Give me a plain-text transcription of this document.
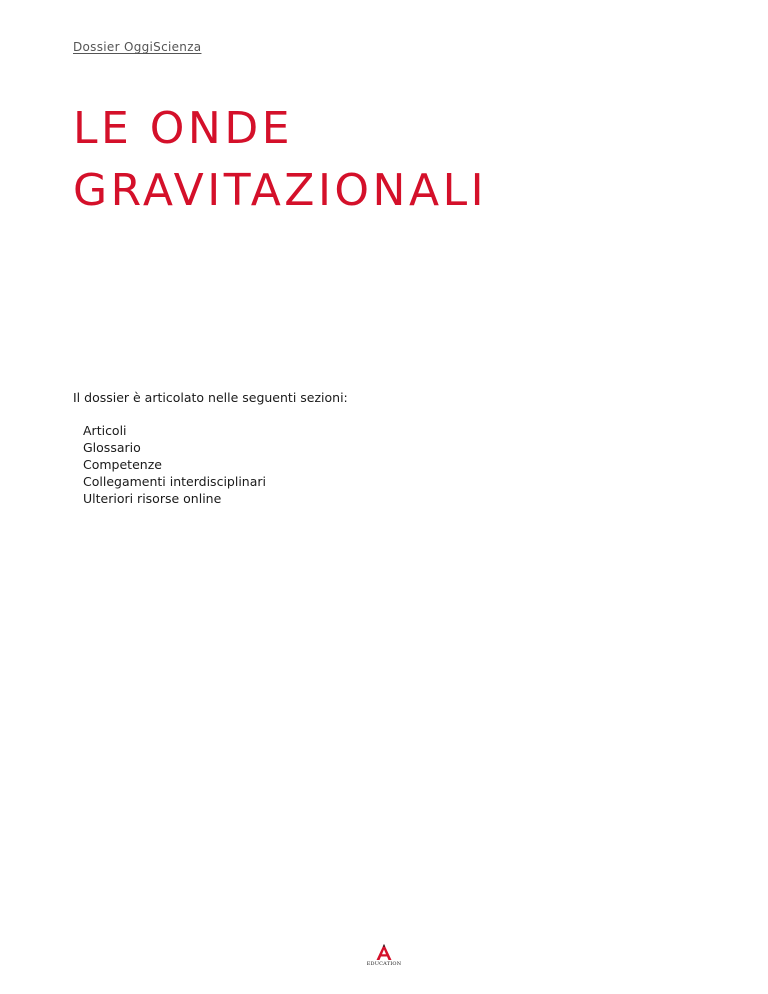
Dossier OggiScienza
LE ONDE
GRAVITAZIONALI

Il dossier è articolato nelle seguenti sezioni:

Articoli
Glossario
Competenze
Collegamenti interdisciplinari
Ulteriori risorse online
EDUCATION
